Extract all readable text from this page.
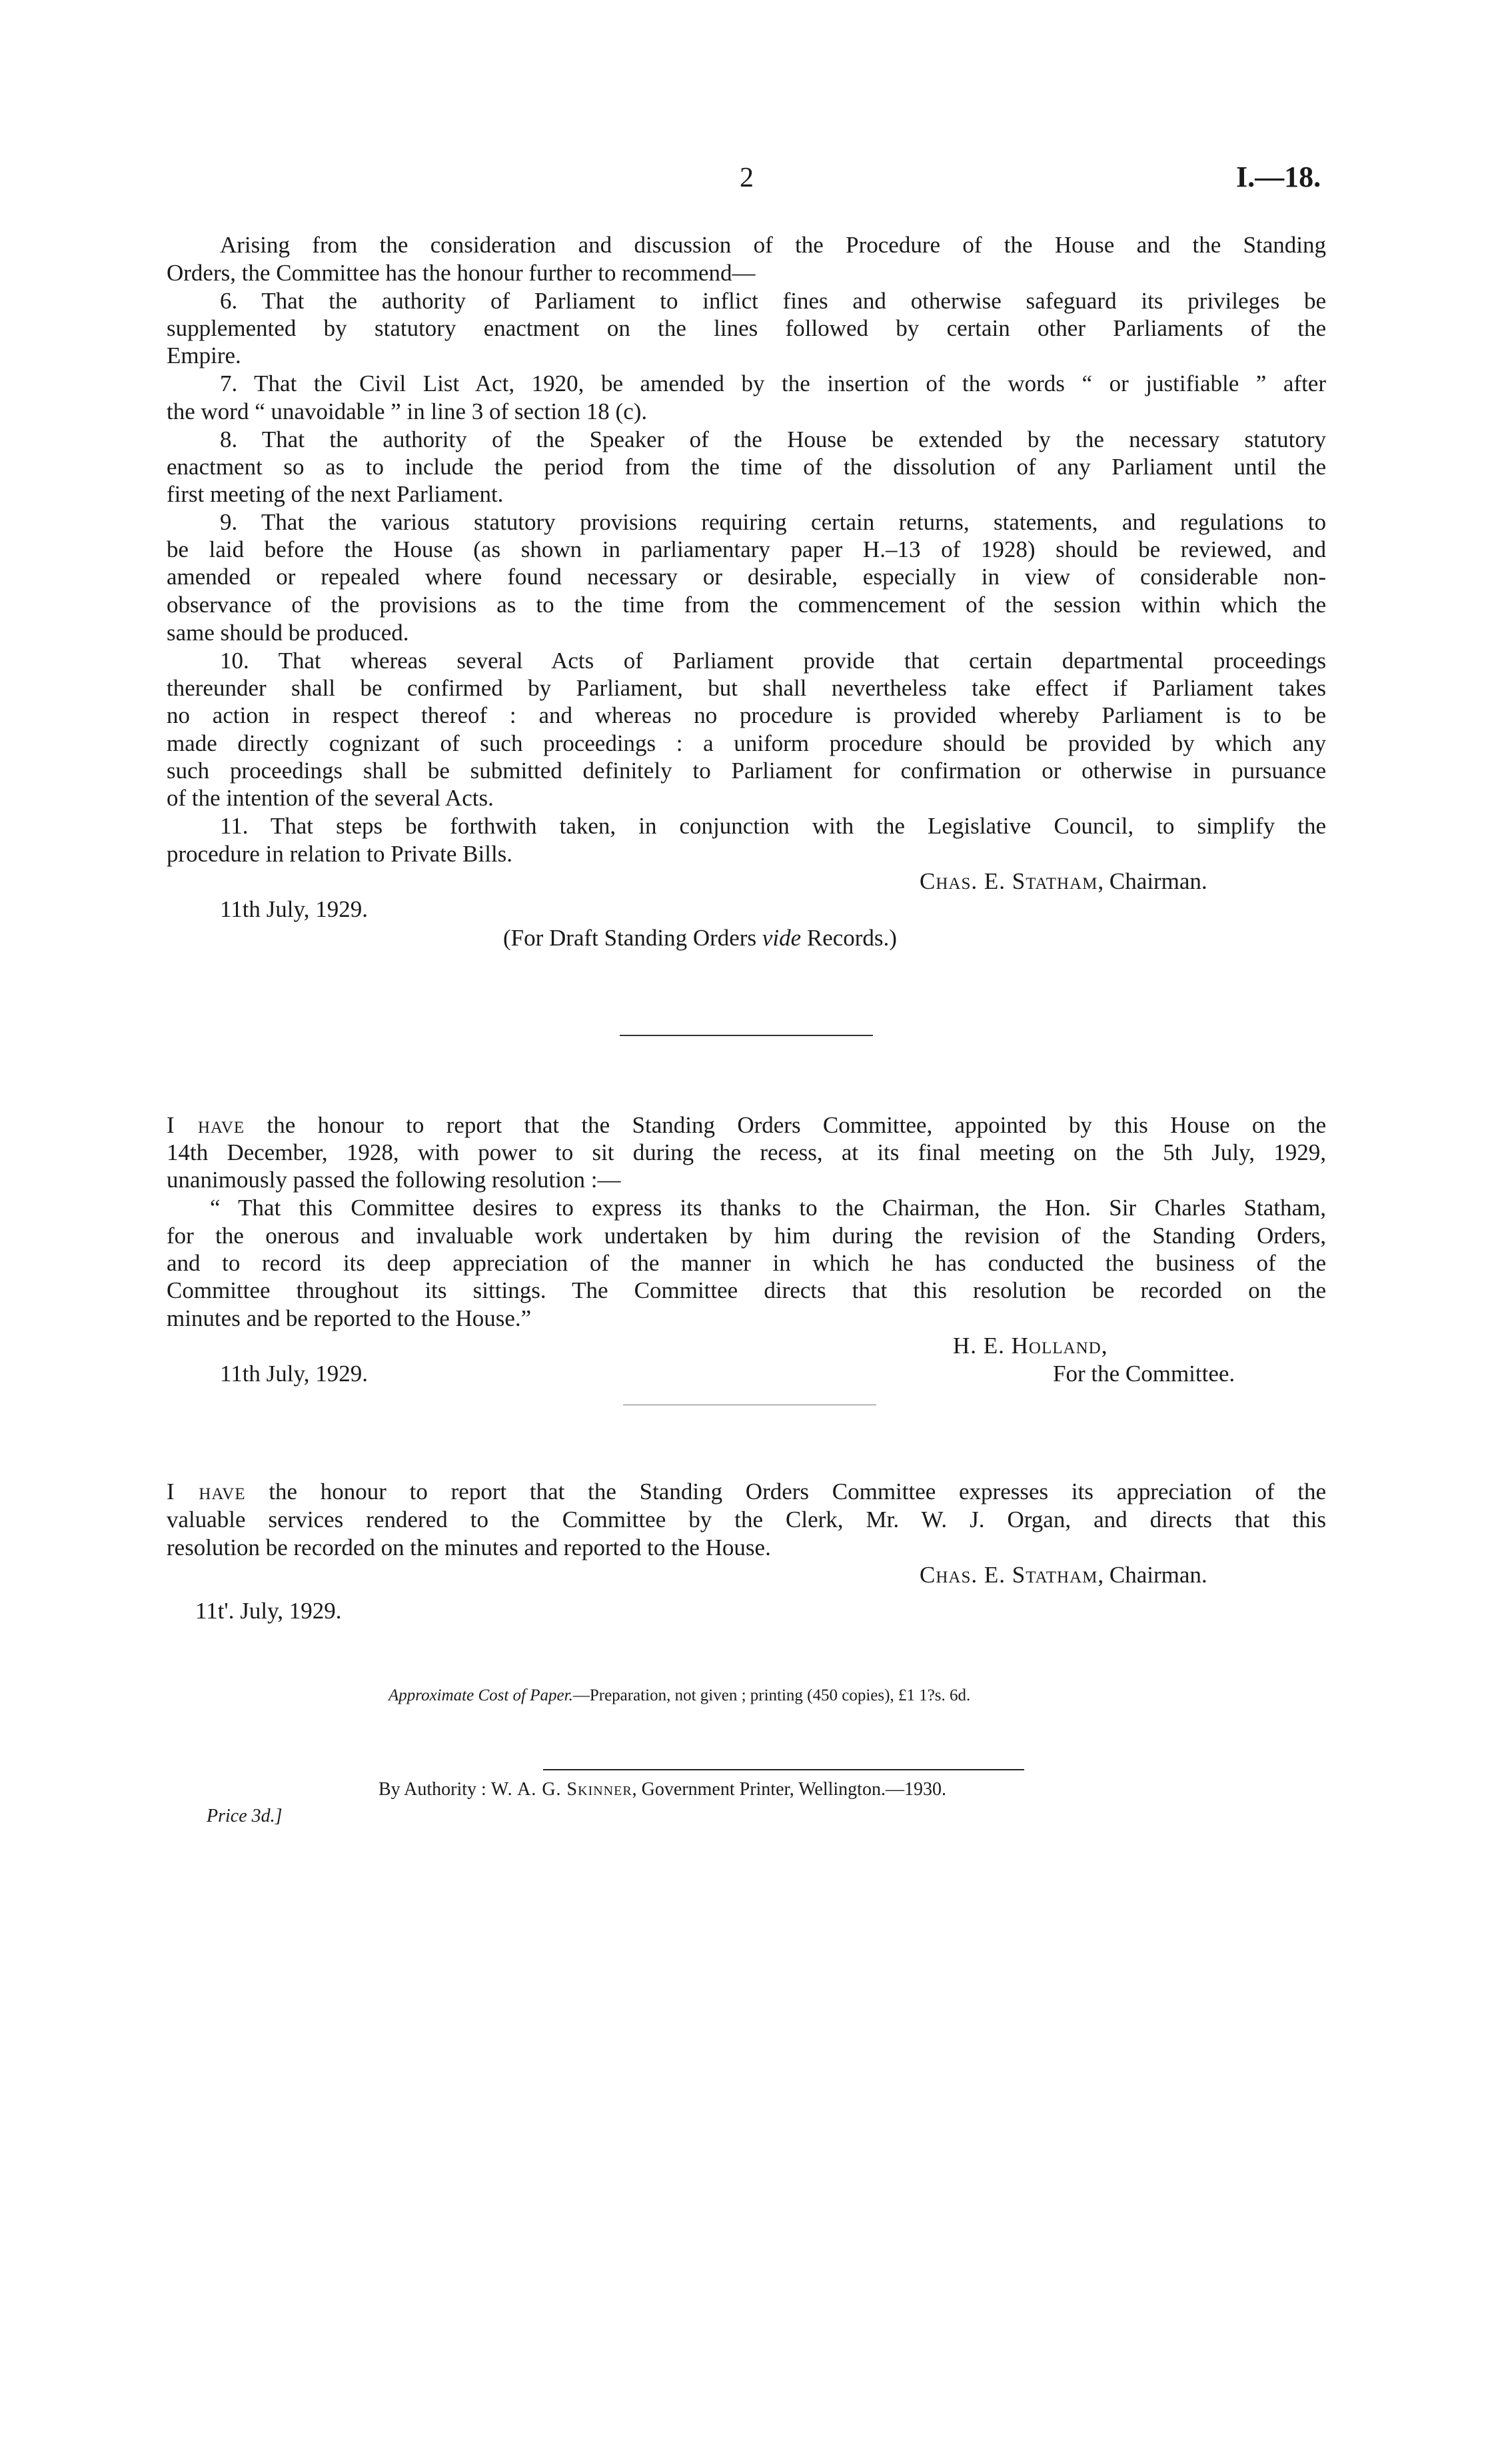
2	I.—18.
Arising from the consideration and discussion of the Procedure of the House and the Standing
Orders, the Committee has the honour further to recommend—
6. That the authority of Parliament to inflict fines and otherwise safeguard its privileges be
supplemented by statutory enactment on the lines followed by certain other Parliaments of the
Empire.
7. That the Civil List Act, 1920, be amended by the insertion of the words “ or justifiable ” after
the word “ unavoidable ” in line 3 of section 18 (c).
8. That the authority of the Speaker of the House be extended by the necessary statutory
enactment so as to include the period from the time of the dissolution of any Parliament until the
first meeting of the next Parliament.
9. That the various statutory provisions requiring certain returns, statements, and regulations to
be laid before the House (as shown in parliamentary paper H.–13 of 1928) should be reviewed, and
amended or repealed where found necessary or desirable, especially in view of considerable non-
observance of the provisions as to the time from the commencement of the session within which the
same should be produced.
10. That whereas several Acts of Parliament provide that certain departmental proceedings
thereunder shall be confirmed by Parliament, but shall nevertheless take effect if Parliament takes
no action in respect thereof : and whereas no procedure is provided whereby Parliament is to be
made directly cognizant of such proceedings : a uniform procedure should be provided by which any
such proceedings shall be submitted definitely to Parliament for confirmation or otherwise in pursuance
of the intention of the several Acts.
11. That steps be forthwith taken, in conjunction with the Legislative Council, to simplify the
procedure in relation to Private Bills.
Chas. E. Statham, Chairman.
11th July, 1929.
(For Draft Standing Orders vide Records.)
I have the honour to report that the Standing Orders Committee, appointed by this House on the
14th December, 1928, with power to sit during the recess, at its final meeting on the 5th July, 1929,
unanimously passed the following resolution :—
“ That this Committee desires to express its thanks to the Chairman, the Hon. Sir Charles Statham,
for the onerous and invaluable work undertaken by him during the revision of the Standing Orders,
and to record its deep appreciation of the manner in which he has conducted the business of the
Committee throughout its sittings. The Committee directs that this resolution be recorded on the
minutes and be reported to the House.”
H. E. Holland,
11th July, 1929.	For the Committee.
I have the honour to report that the Standing Orders Committee expresses its appreciation of the
valuable services rendered to the Committee by the Clerk, Mr. W. J. Organ, and directs that this
resolution be recorded on the minutes and reported to the House.
Chas. E. Statham, Chairman.
11t'. July, 1929.
Approximate Cost of Paper.—Preparation, not given ; printing (450 copies), £1 1?s. 6d.
By Authority : W. A. G. Skinner, Government Printer, Wellington.—1930.
Price 3d.]
